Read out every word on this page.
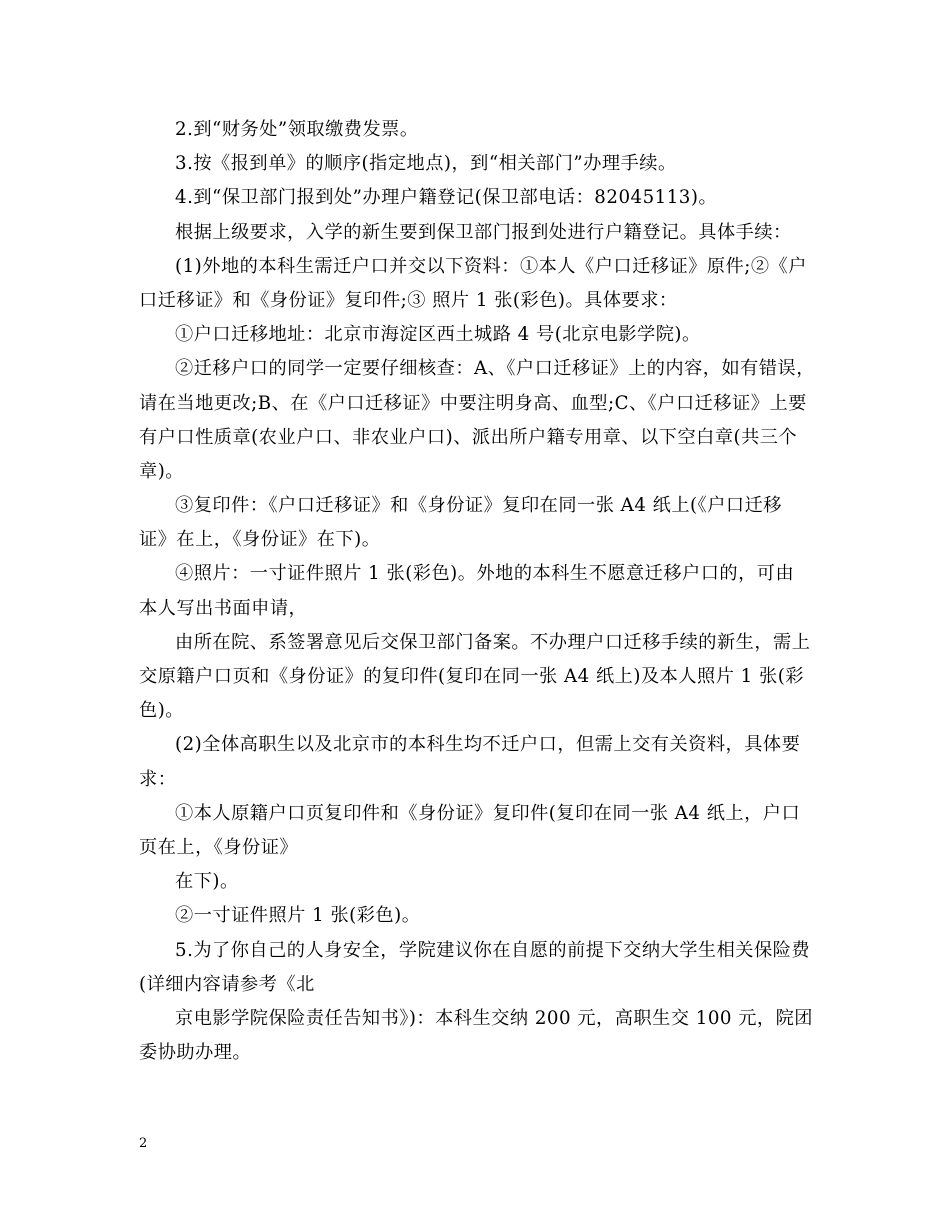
2.到“财务处”领取缴费发票。
3.按《报到单》的顺序(指定地点)，到“相关部门”办理手续。
4.到“保卫部门报到处”办理户籍登记(保卫部电话：82045113)。
根据上级要求，入学的新生要到保卫部门报到处进行户籍登记。具体手续：
(1)外地的本科生需迁户口并交以下资料：①本人《户口迁移证》原件;②《户
口迁移证》和《身份证》复印件;③ 照片 1 张(彩色)。具体要求：
①户口迁移地址：北京市海淀区西土城路 4 号(北京电影学院)。
②迁移户口的同学一定要仔细核查：A、《户口迁移证》上的内容，如有错误，
请在当地更改;B、在《户口迁移证》中要注明身高、血型;C、《户口迁移证》上要
有户口性质章(农业户口、非农业户口)、派出所户籍专用章、以下空白章(共三个
章)。
③复印件：《户口迁移证》和《身份证》复印在同一张 A4 纸上(《户口迁移
证》在上，《身份证》在下)。
④照片：一寸证件照片 1 张(彩色)。外地的本科生不愿意迁移户口的，可由
本人写出书面申请，
由所在院、系签署意见后交保卫部门备案。不办理户口迁移手续的新生，需上
交原籍户口页和《身份证》的复印件(复印在同一张 A4 纸上)及本人照片 1 张(彩
色)。
(2)全体高职生以及北京市的本科生均不迁户口，但需上交有关资料，具体要
求：
①本人原籍户口页复印件和《身份证》复印件(复印在同一张 A4 纸上，户口
页在上，《身份证》
在下)。
②一寸证件照片 1 张(彩色)。
5.为了你自己的人身安全，学院建议你在自愿的前提下交纳大学生相关保险费
(详细内容请参考《北
京电影学院保险责任告知书》)：本科生交纳 200 元，高职生交 100 元，院团
委协助办理。
2
